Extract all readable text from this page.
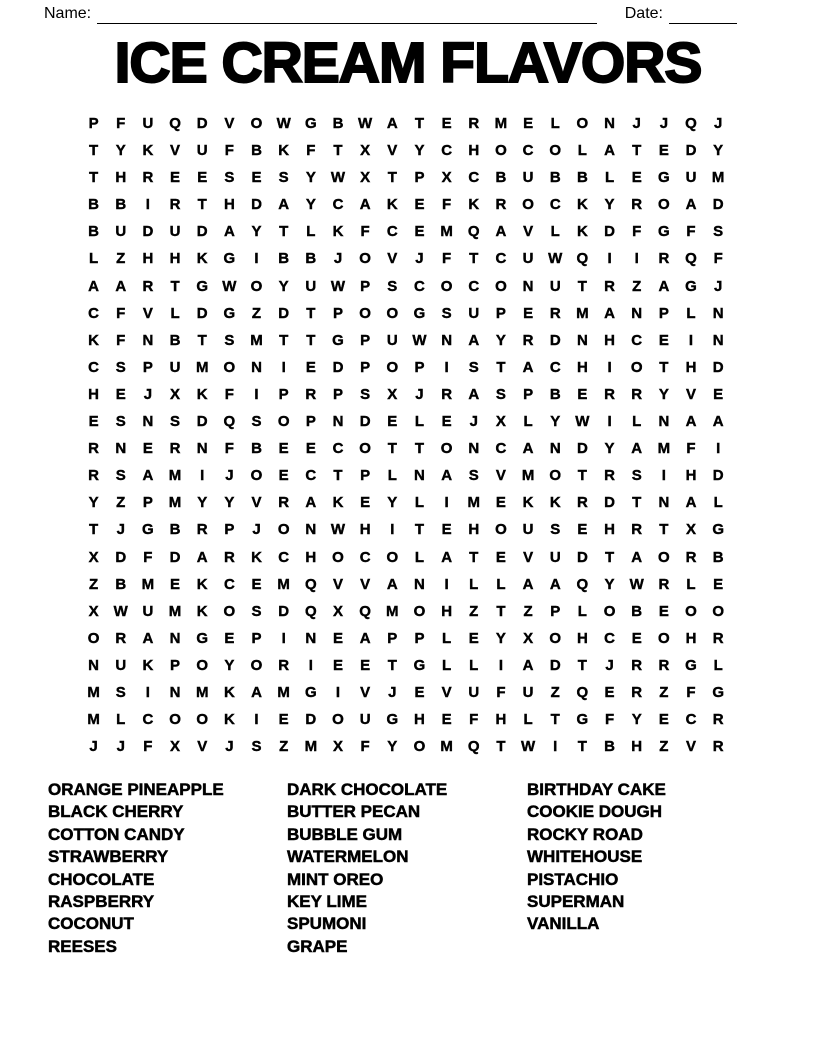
Name:	Date:
ICE CREAM FLAVORS
P	F	U	Q	D	V	O W G	B W A	T	E	R	M	E	L	O	N	J	J	Q	J
T	Y	K	V	U	F	B	K	F	T	X	V	Y	C	H	O	C	O	L	A	T	E	D	Y
T	H	R	E	E	S	E	S	Y	W	X	T	P	X	C	B	U	B	B	L	E	G	U	M
B	B	I	R	T	H	D	A	Y	C	A	K	E	F	K	R	O	C	K	Y	R	O	A	D
B	U	D	U	D	A	Y	T	L	K	F	C	E	M	Q	A	V	L	K	D	F	G	F	S
L	Z	H	H	K	G	I	B	B	J	O	V	J	F	T	C	U W Q	I	I	R	Q	F
A	A	R	T	G W O	Y	U W	P	S	C	O	C	O	N	U	T	R	Z	A	G	J
C	F	V	L	D	G	Z	D	T	P	O	O	G	S	U	P	E	R	M	A	N	P	L	N
K	F	N	B	T	S	M	T	T	G	P	U W N	A	Y	R	D	N	H	C	E	I	N
C	S	P	U	M	O	N	I	E	D	P	O	P	I	S	T	A	C	H	I	O	T	H	D
H	E	J	X	K	F	I	P	R	P	S	X	J	R	A	S	P	B	E	R	R	Y	V	E
E	S	N	S	D	Q	S	O	P	N	D	E	L	E	J	X	L	Y	W	I	L	N	A	A
R	N	E	R	N	F	B	E	E	C	O	T	T	O	N	C	A	N	D	Y	A	M	F	I
R	S	A	M	I	J	O	E	C	T	P	L	N	A	S	V	M	O	T	R	S	I	H	D
Y	Z	P	M	Y	Y	V	R	A	K	E	Y	L	I	M	E	K	K	R	D	T	N	A	L
T	J	G	B	R	P	J	O	N W H	I	T	E	H	O	U	S	E	H	R	T	X	G
X	D	F	D	A	R	K	C	H	O	C	O	L	A	T	E	V	U	D	T	A	O	R	B
Z	B	M	E	K	C	E	M	Q	V	V	A	N	I	L	L	A	A	Q	Y	W R	L	E
X	W U	M	K	O	S	D	Q	X	Q	M	O	H	Z	T	Z	P	L	O	B	E	O	O
O	R	A	N	G	E	P	I	N	E	A	P	P	L	E	Y	X	O	H	C	E	O	H	R
N	U	K	P	O	Y	O	R	I	E	E	T	G	L	L	I	A	D	T	J	R	R	G	L
M	S	I	N	M	K	A	M	G	I	V	J	E	V	U	F	U	Z	Q	E	R	Z	F	G
M	L	C	O	O	K	I	E	D	O	U	G	H	E	F	H	L	T	G	F	Y	E	C	R
J	J	F	X	V	J	S	Z	M	X	F	Y	O	M	Q	T	W	I	T	B	H	Z	V	R
ORANGE PINEAPPLE
BLACK CHERRY
COTTON CANDY
STRAWBERRY
CHOCOLATE
RASPBERRY
COCONUT
REESES
DARK CHOCOLATE
BUTTER PECAN
BUBBLE GUM
WATERMELON
MINT OREO
KEY LIME
SPUMONI
GRAPE
BIRTHDAY CAKE
COOKIE DOUGH
ROCKY ROAD
WHITEHOUSE
PISTACHIO
SUPERMAN
VANILLA
